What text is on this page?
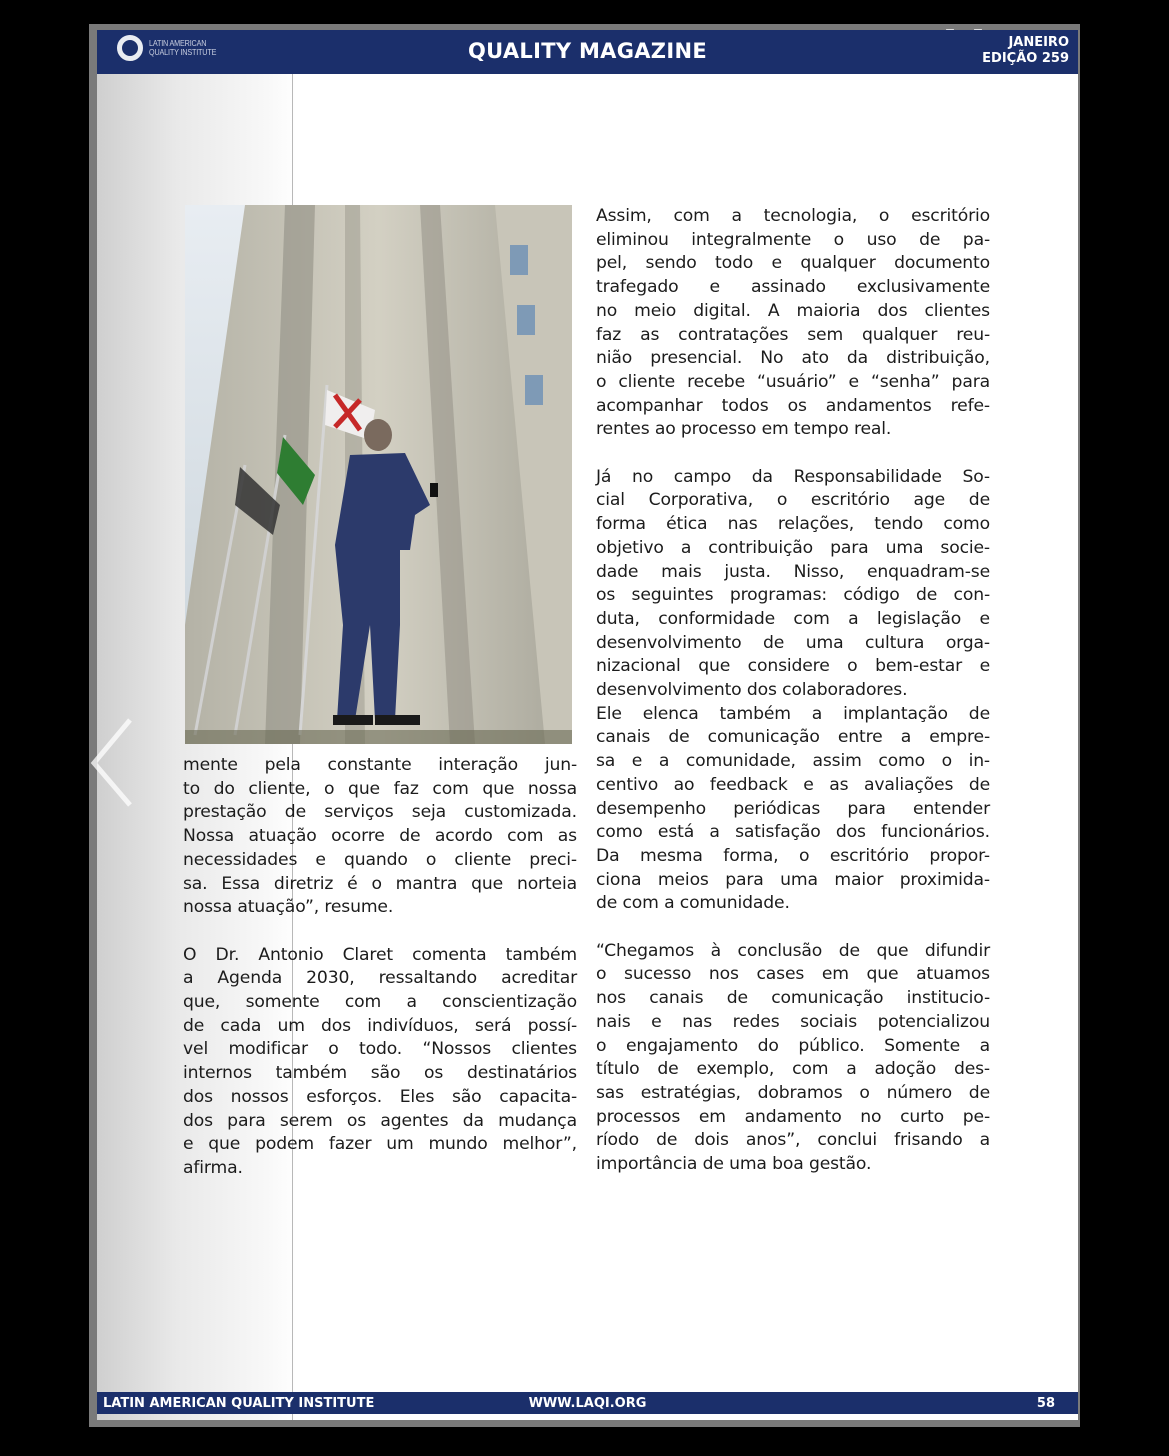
LATIN AMERICAN
QUALITY INSTITUTE	QUALITY MAGAZINE	JANEIRO
EDIÇÃO 259

mente pela constante interação jun-
to do cliente, o que faz com que nossa
prestação de serviços seja customizada.
Nossa atuação ocorre de acordo com as
necessidades e quando o cliente preci-
sa. Essa diretriz é o mantra que norteia
nossa atuação”, resume.

O Dr. Antonio Claret comenta também
a Agenda 2030, ressaltando acreditar
que, somente com a conscientização
de cada um dos indivíduos, será possí-
vel modificar o todo. “Nossos clientes
internos também são os destinatários
dos nossos esforços. Eles são capacita-
dos para serem os agentes da mudança
e que podem fazer um mundo melhor”,
afirma.

Assim, com a tecnologia, o escritório
eliminou integralmente o uso de pa-
pel, sendo todo e qualquer documento
trafegado e assinado exclusivamente
no meio digital. A maioria dos clientes
faz as contratações sem qualquer reu-
nião presencial. No ato da distribuição,
o cliente recebe “usuário” e “senha” para
acompanhar todos os andamentos refe-
rentes ao processo em tempo real.

Já no campo da Responsabilidade So-
cial Corporativa, o escritório age de
forma ética nas relações, tendo como
objetivo a contribuição para uma socie-
dade mais justa. Nisso, enquadram-se
os seguintes programas: código de con-
duta, conformidade com a legislação e
desenvolvimento de uma cultura orga-
nizacional que considere o bem-estar e
desenvolvimento dos colaboradores.

Ele elenca também a implantação de
canais de comunicação entre a empre-
sa e a comunidade, assim como o in-
centivo ao feedback e as avaliações de
desempenho periódicas para entender
como está a satisfação dos funcionários.
Da mesma forma, o escritório propor-
ciona meios para uma maior proximida-
de com a comunidade.

“Chegamos à conclusão de que difundir
o sucesso nos cases em que atuamos
nos canais de comunicação institucio-
nais e nas redes sociais potencializou
o engajamento do público. Somente a
título de exemplo, com a adoção des-
sas estratégias, dobramos o número de
processos em andamento no curto pe-
ríodo de dois anos”, conclui frisando a
importância de uma boa gestão.

LATIN AMERICAN QUALITY INSTITUTE	WWW.LAQI.ORG	58
